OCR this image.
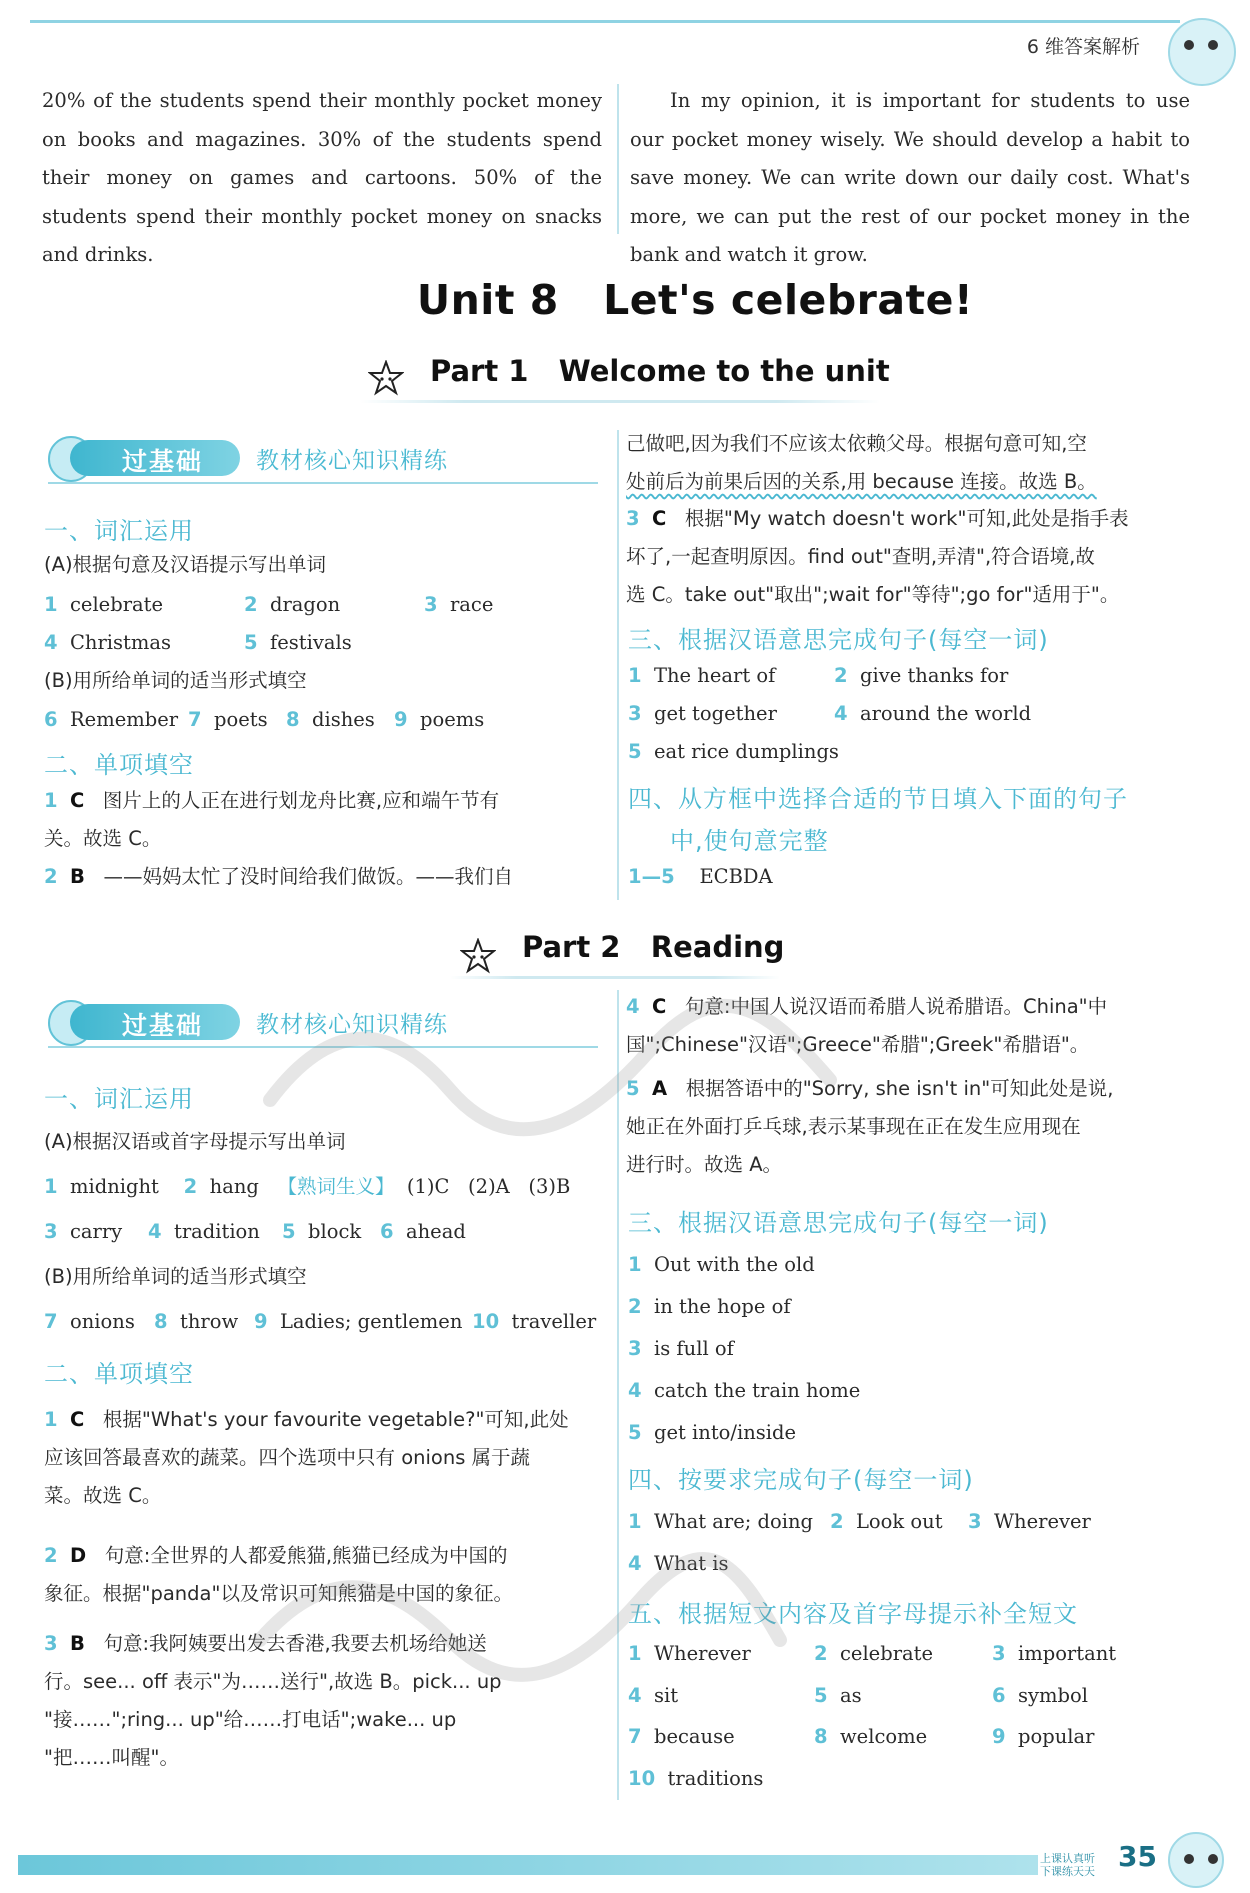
6 维答案解析
20% of the students spend their monthly pocket money on books and magazines. 30% of the students spend their money on games and cartoons. 50% of the students spend their monthly pocket money on snacks and drinks.
In my opinion, it is important for students to use our pocket money wisely. We should develop a habit to save money. We can write down our daily cost. What's more, we can put the rest of our pocket money in the bank and watch it grow.
Unit 8   Let's celebrate!
Part 1   Welcome to the unit
过基础 教材核心知识精练
一、词汇运用
(A)根据句意及汉语提示写出单词
1 celebrate	2 dragon	3 race
4 Christmas	5 festivals
(B)用所给单词的适当形式填空
6 Remember 7 poets 8 dishes 9 poems
二、单项填空
1 C 图片上的人正在进行划龙舟比赛,应和端午节有
关。故选 C。
2 B ——妈妈太忙了没时间给我们做饭。——我们自
己做吧,因为我们不应该太依赖父母。根据句意可知,空
处前后为前果后因的关系,用 because 连接。故选 B。
3 C 根据"My watch doesn't work"可知,此处是指手表
坏了,一起查明原因。find out"查明,弄清",符合语境,故
选 C。take out"取出";wait for"等待";go for"适用于"。
三、根据汉语意思完成句子(每空一词)
1 The heart of	2 give thanks for
3 get together	4 around the world
5 eat rice dumplings
四、从方框中选择合适的节日填入下面的句子
中,使句意完整
1—5 ECBDA
Part 2   Reading
过基础 教材核心知识精练
一、词汇运用
(A)根据汉语或首字母提示写出单词
1 midnight 2 hang 【熟词生义】 (1)C   (2)A   (3)B
3 carry 4 tradition 5 block 6 ahead
(B)用所给单词的适当形式填空
7 onions 8 throw 9 Ladies; gentlemen 10 traveller
二、单项填空
1 C 根据"What's your favourite vegetable?"可知,此处
应该回答最喜欢的蔬菜。四个选项中只有 onions 属于蔬
菜。故选 C。
2 D 句意:全世界的人都爱熊猫,熊猫已经成为中国的
象征。根据"panda"以及常识可知熊猫是中国的象征。
3 B 句意:我阿姨要出发去香港,我要去机场给她送
行。see... off 表示"为……送行",故选 B。pick... up
"接……";ring... up"给……打电话";wake... up
"把……叫醒"。
4 C 句意:中国人说汉语而希腊人说希腊语。China"中
国";Chinese"汉语";Greece"希腊";Greek"希腊语"。
5 A 根据答语中的"Sorry, she isn't in"可知此处是说,
她正在外面打乒乓球,表示某事现在正在发生应用现在
进行时。故选 A。
三、根据汉语意思完成句子(每空一词)
1 Out with the old
2 in the hope of
3 is full of
4 catch the train home
5 get into/inside
四、按要求完成句子(每空一词)
1 What are; doing 2 Look out 3 Wherever
4 What is
五、根据短文内容及首字母提示补全短文
1 Wherever	2 celebrate	3 important
4 sit	5 as	6 symbol
7 because	8 welcome	9 popular
10 traditions
上课认真听
下课练天天 35
